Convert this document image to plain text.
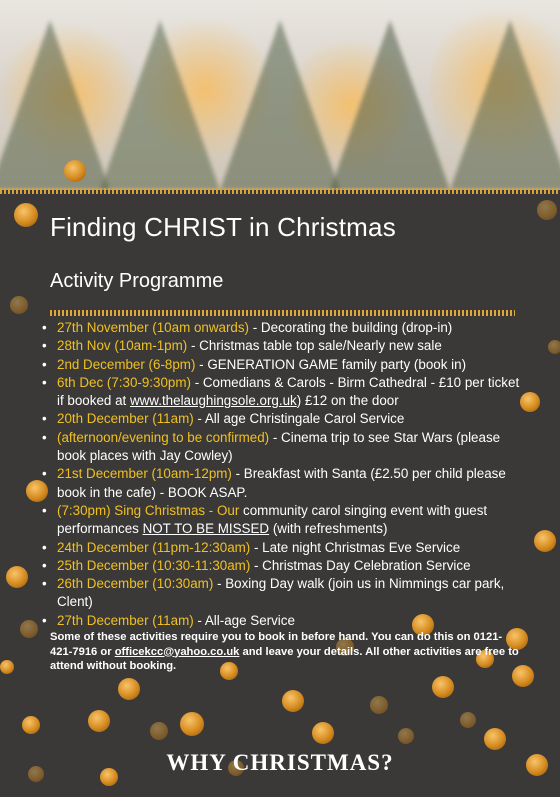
Finding CHRIST in Christmas
Activity Programme
• 27th November (10am onwards) - Decorating the building (drop-in)
• 28th Nov (10am-1pm) - Christmas table top sale/Nearly new sale
• 2nd December (6-8pm) - GENERATION GAME family party (book in)
• 6th Dec (7:30-9:30pm) - Comedians & Carols - Birm Cathedral - £10 per ticket if booked at www.thelaughingsole.org.uk) £12 on the door
• 20th December (11am) - All age Christingale Carol Service
• (afternoon/evening to be confirmed) - Cinema trip to see Star Wars (please book places with Jay Cowley)
• 21st December (10am-12pm) - Breakfast with Santa (£2.50 per child please book in the cafe) - BOOK ASAP.
• (7:30pm) Sing Christmas - Our community carol singing event with guest performances NOT TO BE MISSED (with refreshments)
• 24th December (11pm-12:30am) - Late night Christmas Eve Service
• 25th December (10:30-11:30am) - Christmas Day Celebration Service
• 26th December (10:30am) - Boxing Day walk (join us in Nimmings car park, Clent)
• 27th December (11am) - All-age Service
Some of these activities require you to book in before hand. You can do this on 0121-421-7916 or officekcc@yahoo.co.uk and leave your details. All other activities are free to attend without booking.
WHY CHRISTMAS?
